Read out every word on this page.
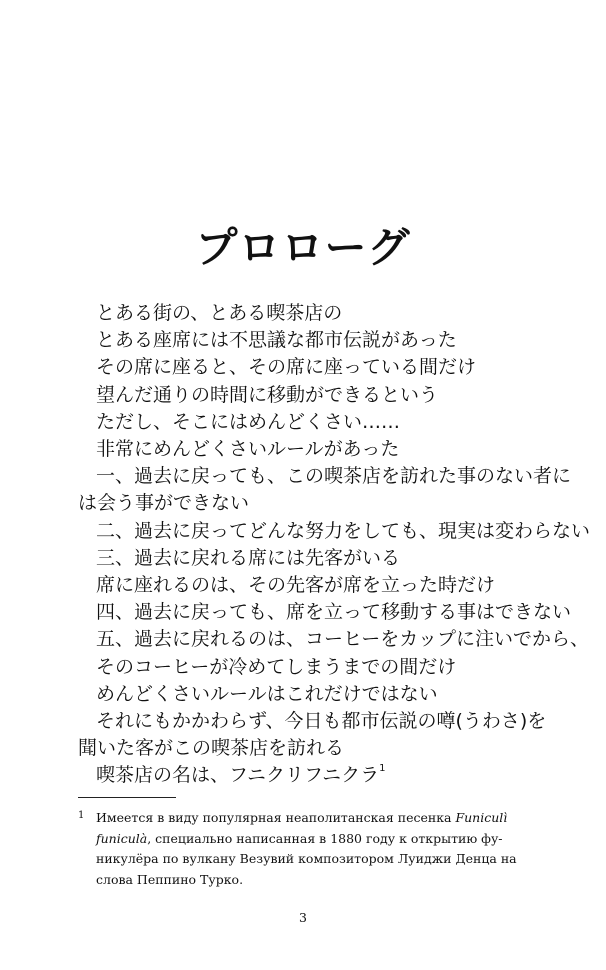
プロローグ
とある街の、とある喫茶店の
とある座席には不思議な都市伝説があった
その席に座ると、その席に座っている間だけ
望んだ通りの時間に移動ができるという
ただし、そこにはめんどくさい……
非常にめんどくさいルールがあった
一、過去に戻っても、この喫茶店を訪れた事のない者に
は会う事ができない
二、過去に戻ってどんな努力をしても、現実は変わらない
三、過去に戻れる席には先客がいる
席に座れるのは、その先客が席を立った時だけ
四、過去に戻っても、席を立って移動する事はできない
五、過去に戻れるのは、コーヒーをカップに注いでから、
そのコーヒーが冷めてしまうまでの間だけ
めんどくさいルールはこれだけではない
それにもかかわらず、今日も都市伝説の噂(うわさ)を
聞いた客がこの喫茶店を訪れる
喫茶店の名は、フニクリフニクラ$^1$
1 Имеется в виду популярная неаполитанская песенка Funiculì
funiculà, специально написанная в 1880 году к открытию фу-
никулёра по вулкану Везувий композитором Луиджи Денца на
слова Пеппино Турко.
3
